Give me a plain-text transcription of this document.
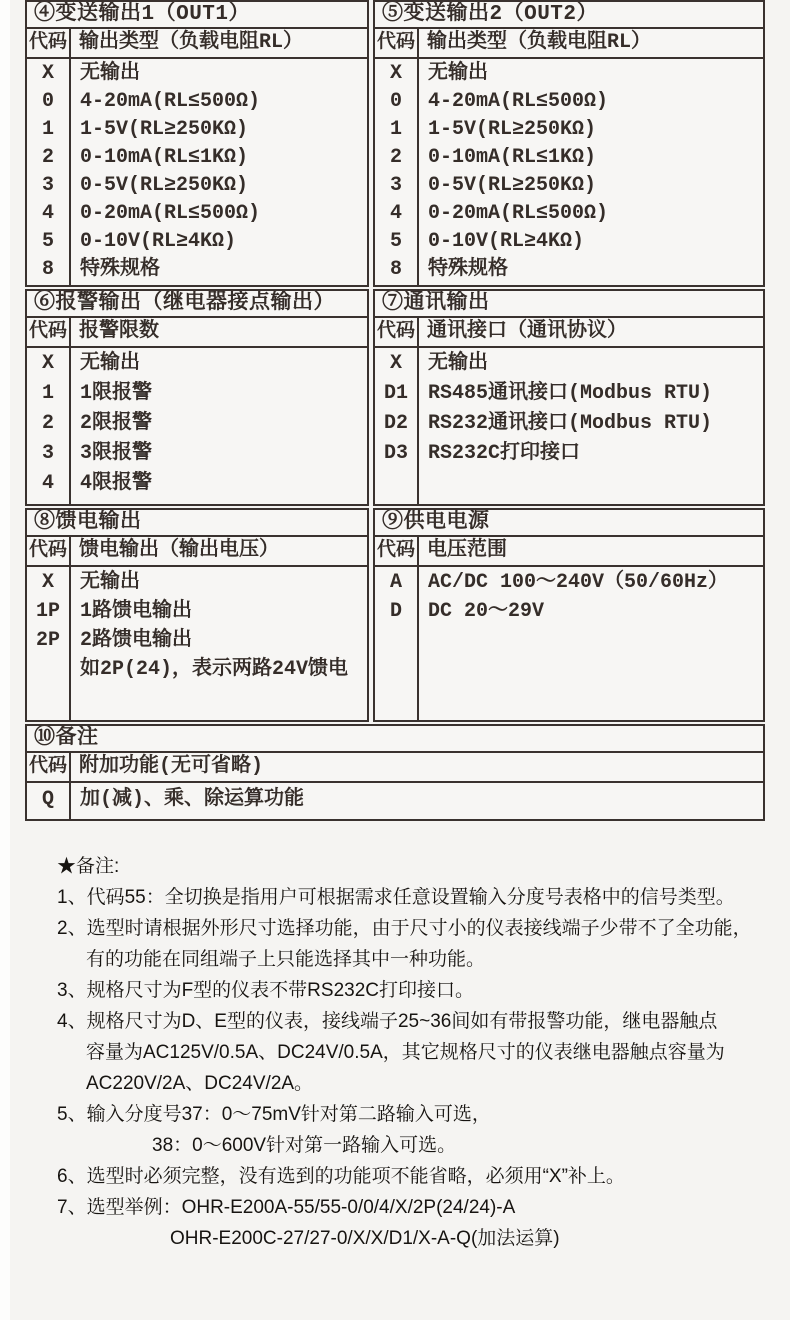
④变送输出1（OUT1）
代码 输出类型（负载电阻RL）
X
0
1
2
3
4
5
8
无输出
4-20mA(RL≤500Ω)
1-5V(RL≥250KΩ)
0-10mA(RL≤1KΩ)
0-5V(RL≥250KΩ)
0-20mA(RL≤500Ω)
0-10V(RL≥4KΩ)
特殊规格
⑤变送输出2（OUT2）
代码 输出类型（负载电阻RL）
X
0
1
2
3
4
5
8
无输出
4-20mA(RL≤500Ω)
1-5V(RL≥250KΩ)
0-10mA(RL≤1KΩ)
0-5V(RL≥250KΩ)
0-20mA(RL≤500Ω)
0-10V(RL≥4KΩ)
特殊规格
⑥报警输出（继电器接点输出）
代码 报警限数
X
1
2
3
4
无输出
1限报警
2限报警
3限报警
4限报警
⑦通讯输出
代码 通讯接口（通讯协议）
X
D1
D2
D3
无输出
RS485通讯接口(Modbus RTU)
RS232通讯接口(Modbus RTU)
RS232C打印接口
⑧馈电输出
代码 馈电输出（输出电压）
X
1P
2P
无输出
1路馈电输出
2路馈电输出
如2P(24)，表示两路24V馈电
⑨供电电源
代码 电压范围
A
D
AC/DC 100～240V（50/60Hz）
DC 20～29V
⑩备注
代码 附加功能(无可省略)
Q	加(减)、乘、除运算功能
★备注:
1、代码55：全切换是指用户可根据需求任意设置输入分度号表格中的信号类型。
2、选型时请根据外形尺寸选择功能，由于尺寸小的仪表接线端子少带不了全功能，
有的功能在同组端子上只能选择其中一种功能。
3、规格尺寸为F型的仪表不带RS232C打印接口。
4、规格尺寸为D、E型的仪表，接线端子25~36间如有带报警功能，继电器触点
容量为AC125V/0.5A、DC24V/0.5A，其它规格尺寸的仪表继电器触点容量为
AC220V/2A、DC24V/2A。
5、输入分度号37：0～75mV针对第二路输入可选，
38：0～600V针对第一路输入可选。
6、选型时必须完整，没有选到的功能项不能省略，必须用“X”补上。
7、选型举例：OHR-E200A-55/55-0/0/4/X/2P(24/24)-A
OHR-E200C-27/27-0/X/X/D1/X-A-Q(加法运算)
